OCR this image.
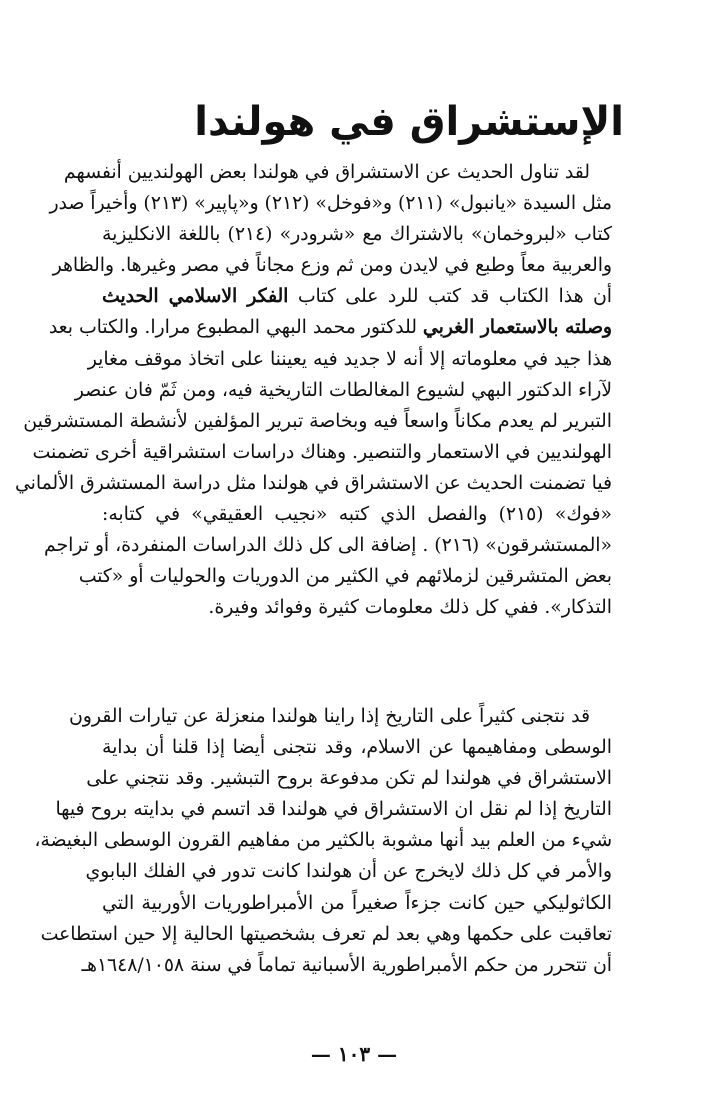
الإستشراق في هولندا
لقد تناول الحديث عن الاستشراق في هولندا بعض الهولنديين أنفسهم
مثل السيدة «يانبول» (٢١١) و«فوخل» (٢١٢) و«پاپير» (٢١٣) وأخيراً صدر
كتاب «لبروخمان» بالاشتراك مع «شرودر» (٢١٤) باللغة الانكليزية
والعربية معاً وطبع في لايدن ومن ثم وزع مجاناً في مصر وغيرها. والظاهر
أن هذا الكتاب قد كتب للرد على كتاب الفكر الاسلامي الحديث
وصلته بالاستعمار الغربي للدكتور محمد البهي المطبوع مرارا. والكتاب بعد
هذا جيد في معلوماته إلا أنه لا جديد فيه يعيننا على اتخاذ موقف مغاير
لآراء الدكتور البهي لشيوع المغالطات التاريخية فيه، ومن ثَمّ فان عنصر
التبرير لم يعدم مكاناً واسعاً فيه وبخاصة تبرير المؤلفين لأنشطة المستشرقين
الهولنديين في الاستعمار والتنصير. وهناك دراسات استشراقية أخرى تضمنت
فيا تضمنت الحديث عن الاستشراق في هولندا مثل دراسة المستشرق الألماني
«فوك» (٢١٥) والفصل الذي كتبه «نجيب العقيقي» في كتابه:
«المستشرقون» (٢١٦) . إضافة الى كل ذلك الدراسات المنفردة، أو تراجم
بعض المتشرقين لزملائهم في الكثير من الدوريات والحوليات أو «كتب
التذكار». ففي كل ذلك معلومات كثيرة وفوائد وفيرة.
قد نتجنى كثيراً على التاريخ إذا راينا هولندا منعزلة عن تيارات القرون
الوسطى ومفاهيمها عن الاسلام، وقد نتجنى أيضا إذا قلنا أن بداية
الاستشراق في هولندا لم تكن مدفوعة بروح التبشير. وقد نتجني على
التاريخ إذا لم نقل ان الاستشراق في هولندا قد اتسم في بدايته بروح فيها
شيء من العلم بيد أنها مشوبة بالكثير من مفاهيم القرون الوسطى البغيضة،
والأمر في كل ذلك لايخرج عن أن هولندا كانت تدور في الفلك البابوي
الكاثوليكي حين كانت جزءاً صغيراً من الأمبراطوريات الأوربية التي
تعاقبت على حكمها وهي بعد لم تعرف بشخصيتها الحالية إلا حين استطاعت
أن تتحرر من حكم الأمبراطورية الأسبانية تماماً في سنة ١٦٤٨/١٠٥٨هـ
— ١٠٣ —
